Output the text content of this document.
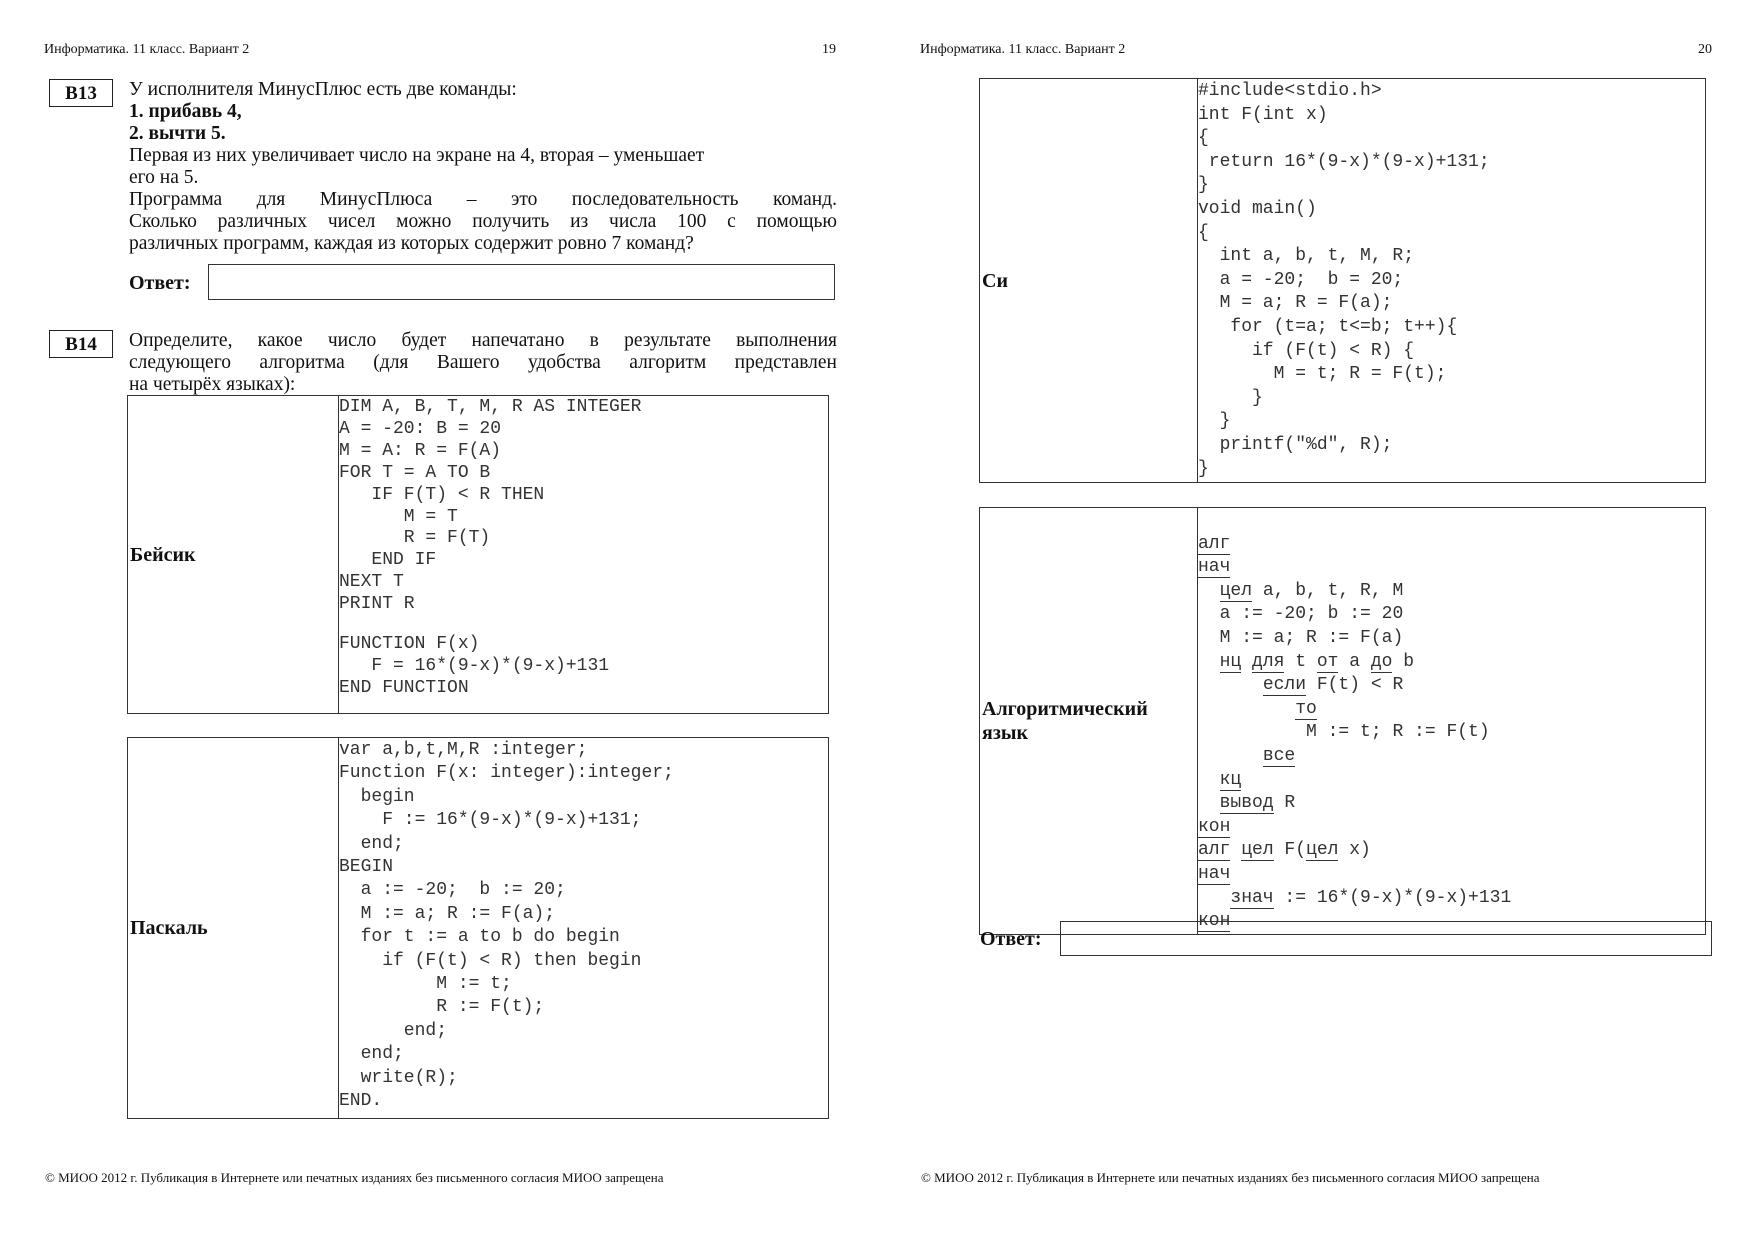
Информатика. 11 класс. Вариант 2	19
B13	У исполнителя МинусПлюс есть две команды:
1. прибавь 4,
2. вычти 5.
Первая из них увеличивает число на экране на 4, вторая – уменьшает
его на 5.
Программа для МинусПлюса – это последовательность команд.
Сколько различных чисел можно получить из числа 100 с помощью
различных программ, каждая из которых содержит ровно 7 команд?
Ответ:
B14	Определите, какое число будет напечатано в результате выполнения
следующего алгоритма (для Вашего удобства алгоритм представлен
на четырёх языках):
Бейсик	
DIM A, B, T, M, R AS INTEGER
A = -20: B = 20
M = A: R = F(A)
FOR T = A TO B
IF F(T) < R THEN
M = T
R = F(T)
END IF
NEXT T
PRINT R
FUNCTION F(x)
F = 16*(9-x)*(9-x)+131
END FUNCTION
Паскаль	
var a,b,t,M,R :integer;
Function F(x: integer):integer;
begin
F := 16*(9-x)*(9-x)+131;
end;
BEGIN
a := -20;  b := 20;
M := a; R := F(a);
for t := a to b do begin
if (F(t) < R) then begin
M := t;
R := F(t);
end;
end;
write(R);
END.
© МИОО 2012 г. Публикация в Интернете или печатных изданиях без письменного согласия МИОО запрещена
Информатика. 11 класс. Вариант 2	20
Си	
#include<stdio.h>
int F(int x)
{
return 16*(9-x)*(9-x)+131;
}
void main()
{
int a, b, t, M, R;
a = -20;  b = 20;
M = a; R = F(a);
for (t=a; t<=b; t++){
if (F(t) < R) {
M = t; R = F(t);
}
}
printf("%d", R);
}
Алгоритмический
язык

алг
нач
цел a, b, t, R, M
a := -20; b := 20
M := a; R := F(a)
нц для t от a до b
если F(t) < R
то
M := t; R := F(t)
все
кц
вывод R
кон
алг цел F(цел x)
нач
знач := 16*(9-x)*(9-x)+131
кон
Ответ:
© МИОО 2012 г. Публикация в Интернете или печатных изданиях без письменного согласия МИОО запрещена
